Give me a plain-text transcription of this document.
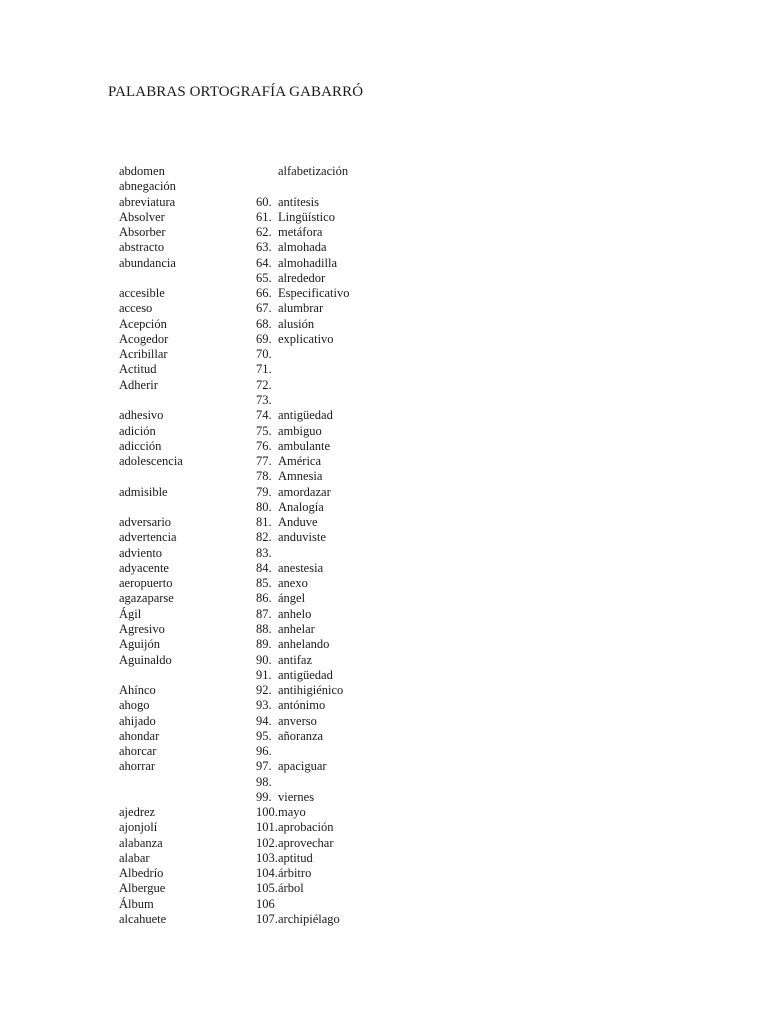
PALABRAS ORTOGRAFÍA GABARRÓ
abdomen	alfabetización
abnegación
abreviatura	60. antítesis
Absolver	61. Lingüístico
Absorber	62. metáfora
abstracto	63. almohada
abundancia	64. almohadilla
65. alrededor
accesible	66. Especificativo
acceso	67. alumbrar
Acepción	68. alusión
Acogedor	69. explicativo
Acribillar	70.
Actitud	71.
Adherir	72.
73.
adhesivo	74. antigüedad
adición	75. ambiguo
adicción	76. ambulante
adolescencia	77. América
78. Amnesia
admisible	79. amordazar
80. Analogía
adversario	81. Anduve
advertencia	82. anduviste
adviento	83.
adyacente	84. anestesia
aeropuerto	85. anexo
agazaparse	86. ángel
Ágil	87. anhelo
Agresivo	88. anhelar
Aguijón	89. anhelando
Aguinaldo	90. antifaz
91. antigüedad
Ahínco	92. antihigiénico
ahogo	93. antónimo
ahijado	94. anverso
ahondar	95. añoranza
ahorcar	96.
ahorrar	97. apaciguar
98.
99. viernes
ajedrez	100. mayo
ajonjolí	101. aprobación
alabanza	102. aprovechar
alabar	103. aptitud
Albedrío	104. árbitro
Albergue	105. árbol
Álbum	106
alcahuete	107. archipiélago
